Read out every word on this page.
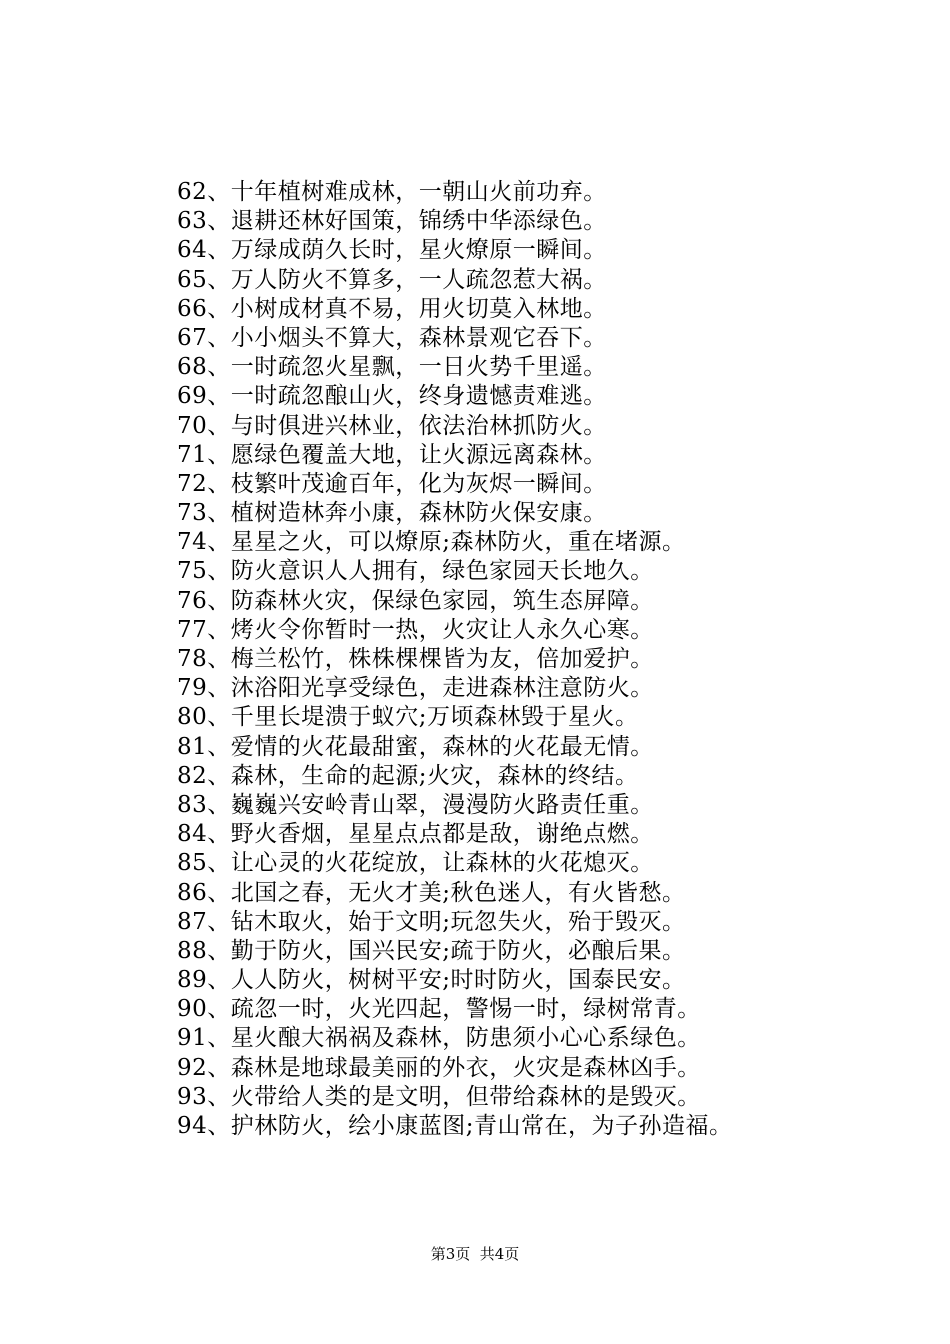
62、十年植树难成林，一朝山火前功弃。
63、退耕还林好国策，锦绣中华添绿色。
64、万绿成荫久长时，星火燎原一瞬间。
65、万人防火不算多，一人疏忽惹大祸。
66、小树成材真不易，用火切莫入林地。
67、小小烟头不算大，森林景观它吞下。
68、一时疏忽火星飘，一日火势千里遥。
69、一时疏忽酿山火，终身遗憾责难逃。
70、与时俱进兴林业，依法治林抓防火。
71、愿绿色覆盖大地，让火源远离森林。
72、枝繁叶茂逾百年，化为灰烬一瞬间。
73、植树造林奔小康，森林防火保安康。
74、星星之火，可以燎原;森林防火，重在堵源。
75、防火意识人人拥有，绿色家园天长地久。
76、防森林火灾，保绿色家园，筑生态屏障。
77、烤火令你暂时一热，火灾让人永久心寒。
78、梅兰松竹，株株棵棵皆为友，倍加爱护。
79、沐浴阳光享受绿色，走进森林注意防火。
80、千里长堤溃于蚁穴;万顷森林毁于星火。
81、爱情的火花最甜蜜，森林的火花最无情。
82、森林，生命的起源;火灾，森林的终结。
83、巍巍兴安岭青山翠，漫漫防火路责任重。
84、野火香烟，星星点点都是敌，谢绝点燃。
85、让心灵的火花绽放，让森林的火花熄灭。
86、北国之春，无火才美;秋色迷人，有火皆愁。
87、钻木取火，始于文明;玩忽失火，殆于毁灭。
88、勤于防火，国兴民安;疏于防火，必酿后果。
89、人人防火，树树平安;时时防火，国泰民安。
90、疏忽一时，火光四起，警惕一时，绿树常青。
91、星火酿大祸祸及森林，防患须小心心系绿色。
92、森林是地球最美丽的外衣，火灾是森林凶手。
93、火带给人类的是文明，但带给森林的是毁灭。
94、护林防火，绘小康蓝图;青山常在，为子孙造福。
第3页  共4页
